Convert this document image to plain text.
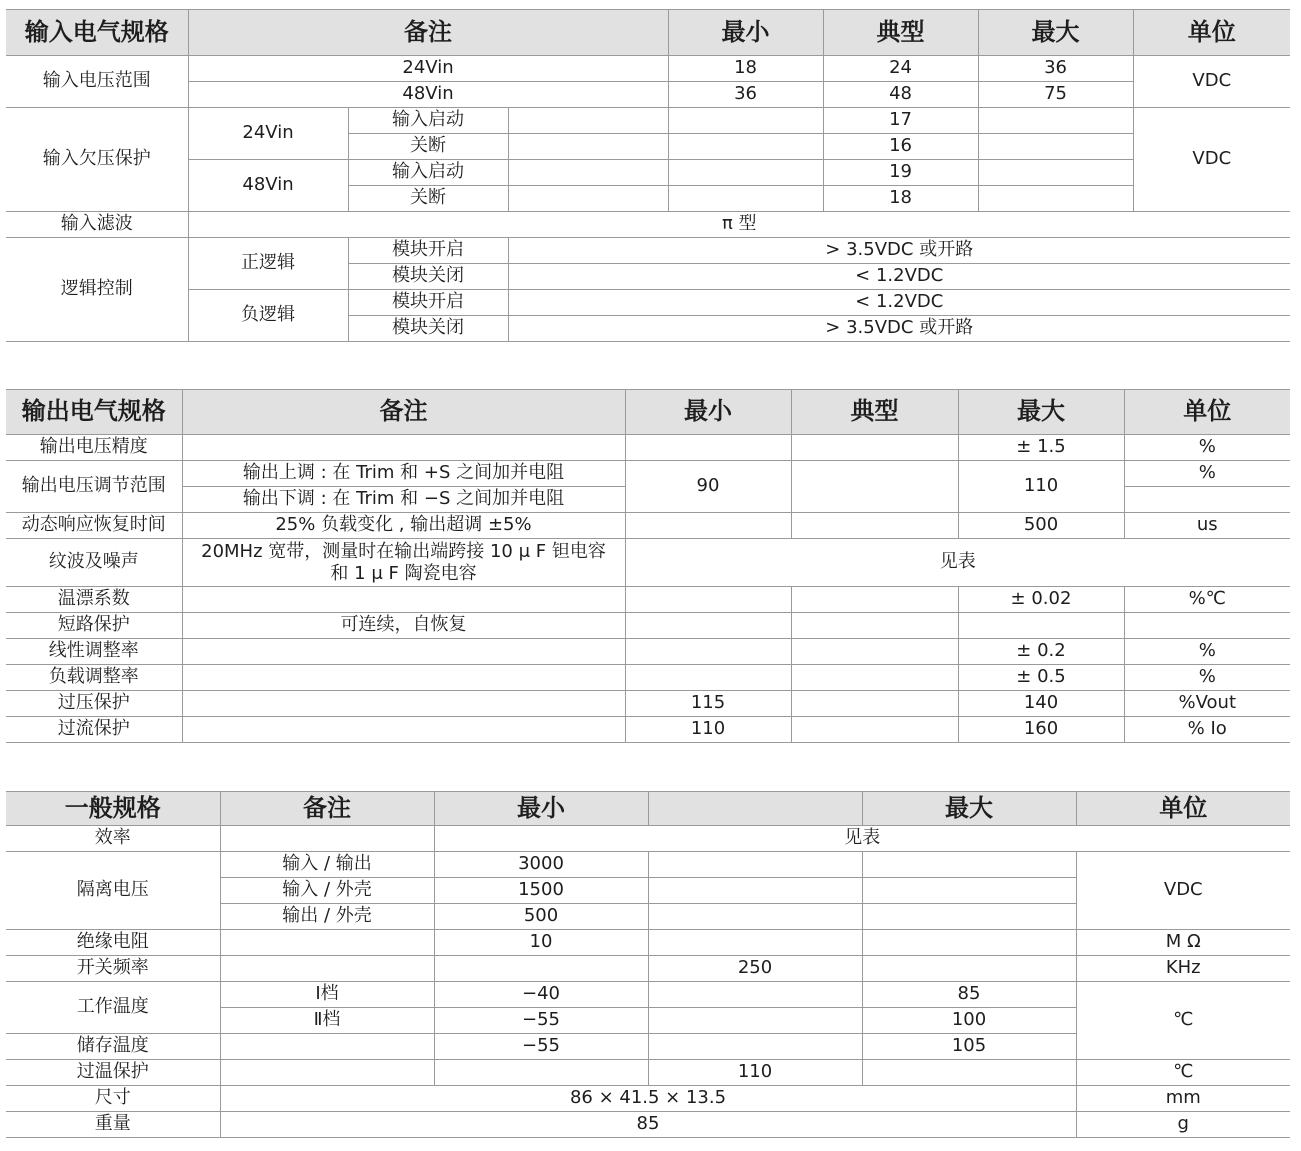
输入电气规格	备注			最小	典型	最大	单位
输入电压范围	24Vin			18	24	36	VDC
	48Vin			36	48	75	
输入欠压保护	24Vin	输入启动			17		VDC
		关断			16		
	48Vin	输入启动			19		
		关断			18		
输入滤波	π 型						
逻辑控制	正逻辑	模块开启	> 3.5VDC 或开路				
		模块关闭	< 1.2VDC				
	负逻辑	模块开启	< 1.2VDC				
		模块关闭	> 3.5VDC 或开路				
输出电气规格	备注	最小	典型	最大	单位
输出电压精度				± 1.5	%
输出电压调节范围	输出上调 : 在 Trim 和 +S 之间加并电阻	90		110	%
	输出下调 : 在 Trim 和 −S 之间加并电阻				
动态响应恢复时间	25% 负载变化 , 输出超调 ±5%			500	us
纹波及噪声	20MHz 宽带，测量时在输出端跨接 10 μ F 钽电容
和 1 μ F 陶瓷电容	见表			
温漂系数				± 0.02	%℃
短路保护	可连续，自恢复				
线性调整率				± 0.2	%
负载调整率				± 0.5	%
过压保护		115		140	%Vout
过流保护		110		160	% Io
一般规格	备注	最小		最大	单位
效率		见表			
隔离电压	输入 / 输出	3000			VDC
	输入 / 外壳	1500			
	输出 / 外壳	500			
绝缘电阻		10			M Ω
开关频率			250		KHz
工作温度	Ⅰ档	−40		85	℃
	Ⅱ档	−55		100	
储存温度		−55		105	
过温保护			110		℃
尺寸	86 × 41.5 × 13.5				mm
重量	85				g
